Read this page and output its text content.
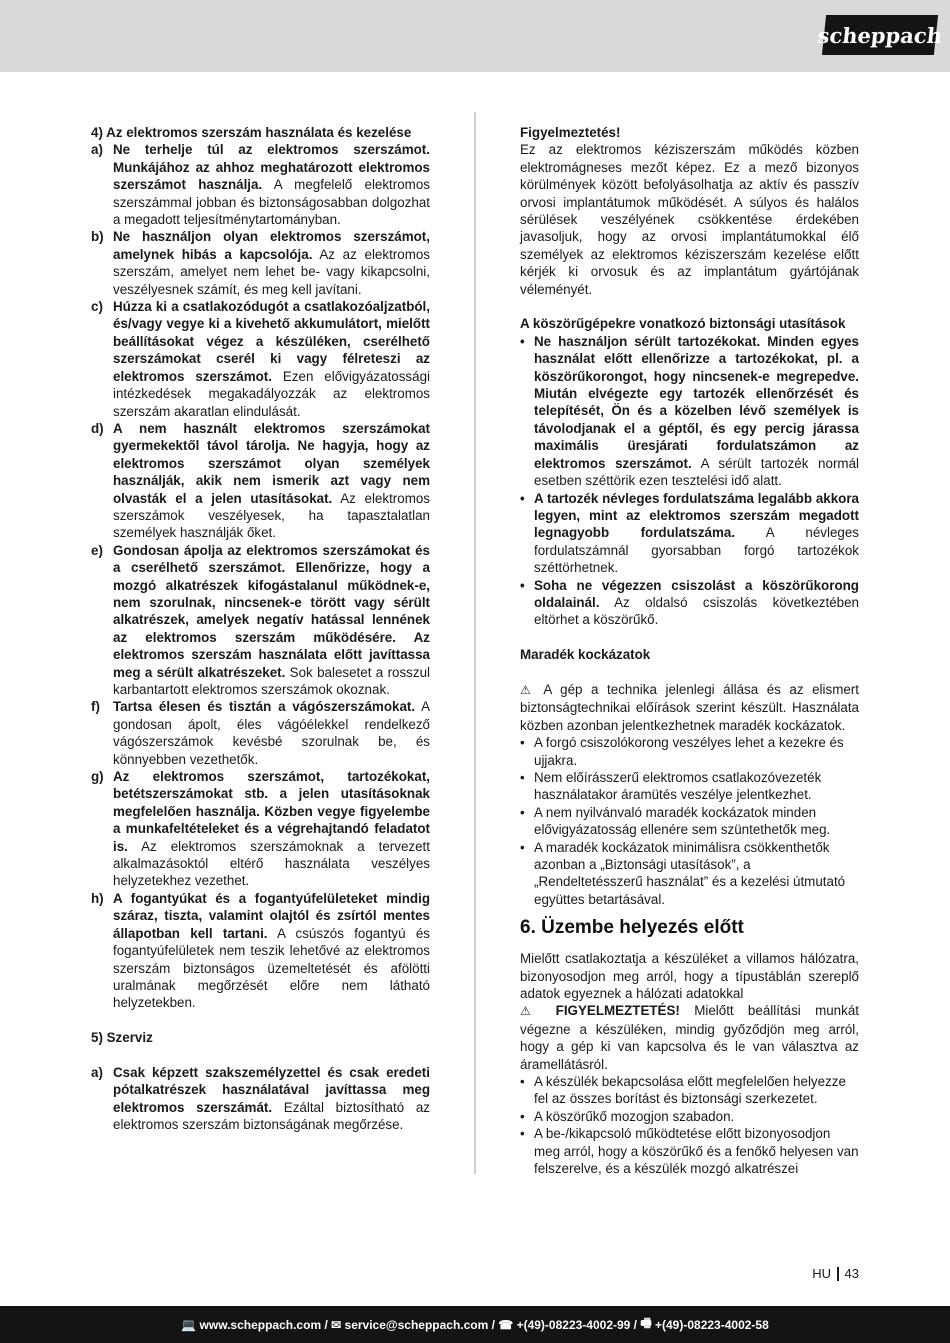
scheppach
4) Az elektromos szerszám használata és kezelése
a) Ne terhelje túl az elektromos szerszámot. Munkájához az ahhoz meghatározott elektromos szerszámot használja. A megfelelő elektromos szerszámmal jobban és biztonságosabban dolgozhat a megadott teljesítménytartományban.
b) Ne használjon olyan elektromos szerszámot, amelynek hibás a kapcsolója. Az az elektromos szerszám, amelyet nem lehet be- vagy kikapcsolni, veszélyesnek számít, és meg kell javítani.
c) Húzza ki a csatlakozódugót a csatlakozóaljzatból, és/vagy vegye ki a kivehető akkumulátort, mielőtt beállításokat végez a készüléken, cserélhető szerszámokat cserél ki vagy félreteszi az elektromos szerszámot. Ezen elővigyázatossági intézkedések megakadályozzák az elektromos szerszám akaratlan elindulását.
d) A nem használt elektromos szerszámokat gyermekektől távol tárolja. Ne hagyja, hogy az elektromos szerszámot olyan személyek használják, akik nem ismerik azt vagy nem olvasták el a jelen utasításokat. Az elektromos szerszámok veszélyesek, ha tapasztalatlan személyek használják őket.
e) Gondosan ápolja az elektromos szerszámokat és a cserélhető szerszámot. Ellenőrizze, hogy a mozgó alkatrészek kifogástalanul működnek-e, nem szorulnak, nincsenek-e törött vagy sérült alkatrészek, amelyek negatív hatással lennének az elektromos szerszám működésére. Az elektromos szerszám használata előtt javíttassa meg a sérült alkatrészeket. Sok balesetet a rosszul karbantartott elektromos szerszámok okoznak.
f) Tartsa élesen és tisztán a vágószerszámokat. A gondosan ápolt, éles vágóélekkel rendelkező vágószerszámok kevésbé szorulnak be, és könnyebben vezethetők.
g) Az elektromos szerszámot, tartozékokat, betétszerszámokat stb. a jelen utasításoknak megfelelően használja. Közben vegye figyelembe a munkafeltételeket és a végrehajtandó feladatot is. Az elektromos szerszámoknak a tervezett alkalmazásoktól eltérő használata veszélyes helyzetekhez vezethet.
h) A fogantyúkat és a fogantyúfelületeket mindig száraz, tiszta, valamint olajtól és zsírtól mentes állapotban kell tartani. A csúszós fogantyú és fogantyúfelületek nem teszik lehetővé az elektromos szerszám biztonságos üzemeltetését és afölötti uralmának megőrzését előre nem látható helyzetekben.
5) Szerviz
a) Csak képzett szakszemélyzettel és csak eredeti pótalkatrészek használatával javíttassa meg elektromos szerszámát. Ezáltal biztosítható az elektromos szerszám biztonságának megőrzése.
Figyelmeztetés!
Ez az elektromos kéziszerszám működés közben elektromágneses mezőt képez. Ez a mező bizonyos körülmények között befolyásolhatja az aktív és passzív orvosi implantátumok működését. A súlyos és halálos sérülések veszélyének csökkentése érdekében javasoljuk, hogy az orvosi implantátumokkal élő személyek az elektromos kéziszerszám kezelése előtt kérjék ki orvosuk és az implantátum gyártójának véleményét.
A köszörűgépekre vonatkozó biztonsági utasítások
• Ne használjon sérült tartozékokat. Minden egyes használat előtt ellenőrizze a tartozékokat, pl. a köszörűkorongot, hogy nincsenek-e megrepedve. Miután elvégezte egy tartozék ellenőrzését és telepítését, Ön és a közelben lévő személyek is távolodjanak el a géptől, és egy percig járassa maximális üresjárati fordulatszámon az elektromos szerszámot. A sérült tartozék normál esetben széttörik ezen tesztelési idő alatt.
• A tartozék névleges fordulatszáma legalább akkora legyen, mint az elektromos szerszám megadott legnagyobb fordulatszáma. A névleges fordulatszámnál gyorsabban forgó tartozékok széttörhetnek.
• Soha ne végezzen csiszolást a köszörűkorong oldalainál. Az oldalsó csiszolás következtében eltörhet a köszörűkő.
Maradék kockázatok
⚠ A gép a technika jelenlegi állása és az elismert biztonságtechnikai előírások szerint készült. Használata közben azonban jelentkezhetnek maradék kockázatok.
• A forgó csiszolókorong veszélyes lehet a kezekre és ujjakra.
• Nem előírásszerű elektromos csatlakozóvezeték használatakor áramütés veszélye jelentkezhet.
• A nem nyilvánvaló maradék kockázatok minden elővigyázatosság ellenére sem szüntethetők meg.
• A maradék kockázatok minimálisra csökkenthetők azonban a „Biztonsági utasítások”, a „Rendeltetésszerű használat” és a kezelési útmutató együttes betartásával.
6. Üzembe helyezés előtt
Mielőtt csatlakoztatja a készüléket a villamos hálózatra, bizonyosodjon meg arról, hogy a típustáblán szereplő adatok egyeznek a hálózati adatokkal
⚠ FIGYELMEZTETÉS! Mielőtt beállítási munkát végezne a készüléken, mindig győződjön meg arról, hogy a gép ki van kapcsolva és le van választva az áramellátásról.
• A készülék bekapcsolása előtt megfelelően helyezze fel az összes borítást és biztonsági szerkezetet.
• A köszörűkő mozogjon szabadon.
• A be-/kikapcsoló működtetése előtt bizonyosodjon meg arról, hogy a köszörűkő és a fenőkő helyesen van felszerelve, és a készülék mozgó alkatrészei
HU 43
💻 www.scheppach.com / ✉ service@scheppach.com / ☎ +(49)-08223-4002-99 / 🖷 +(49)-08223-4002-58
